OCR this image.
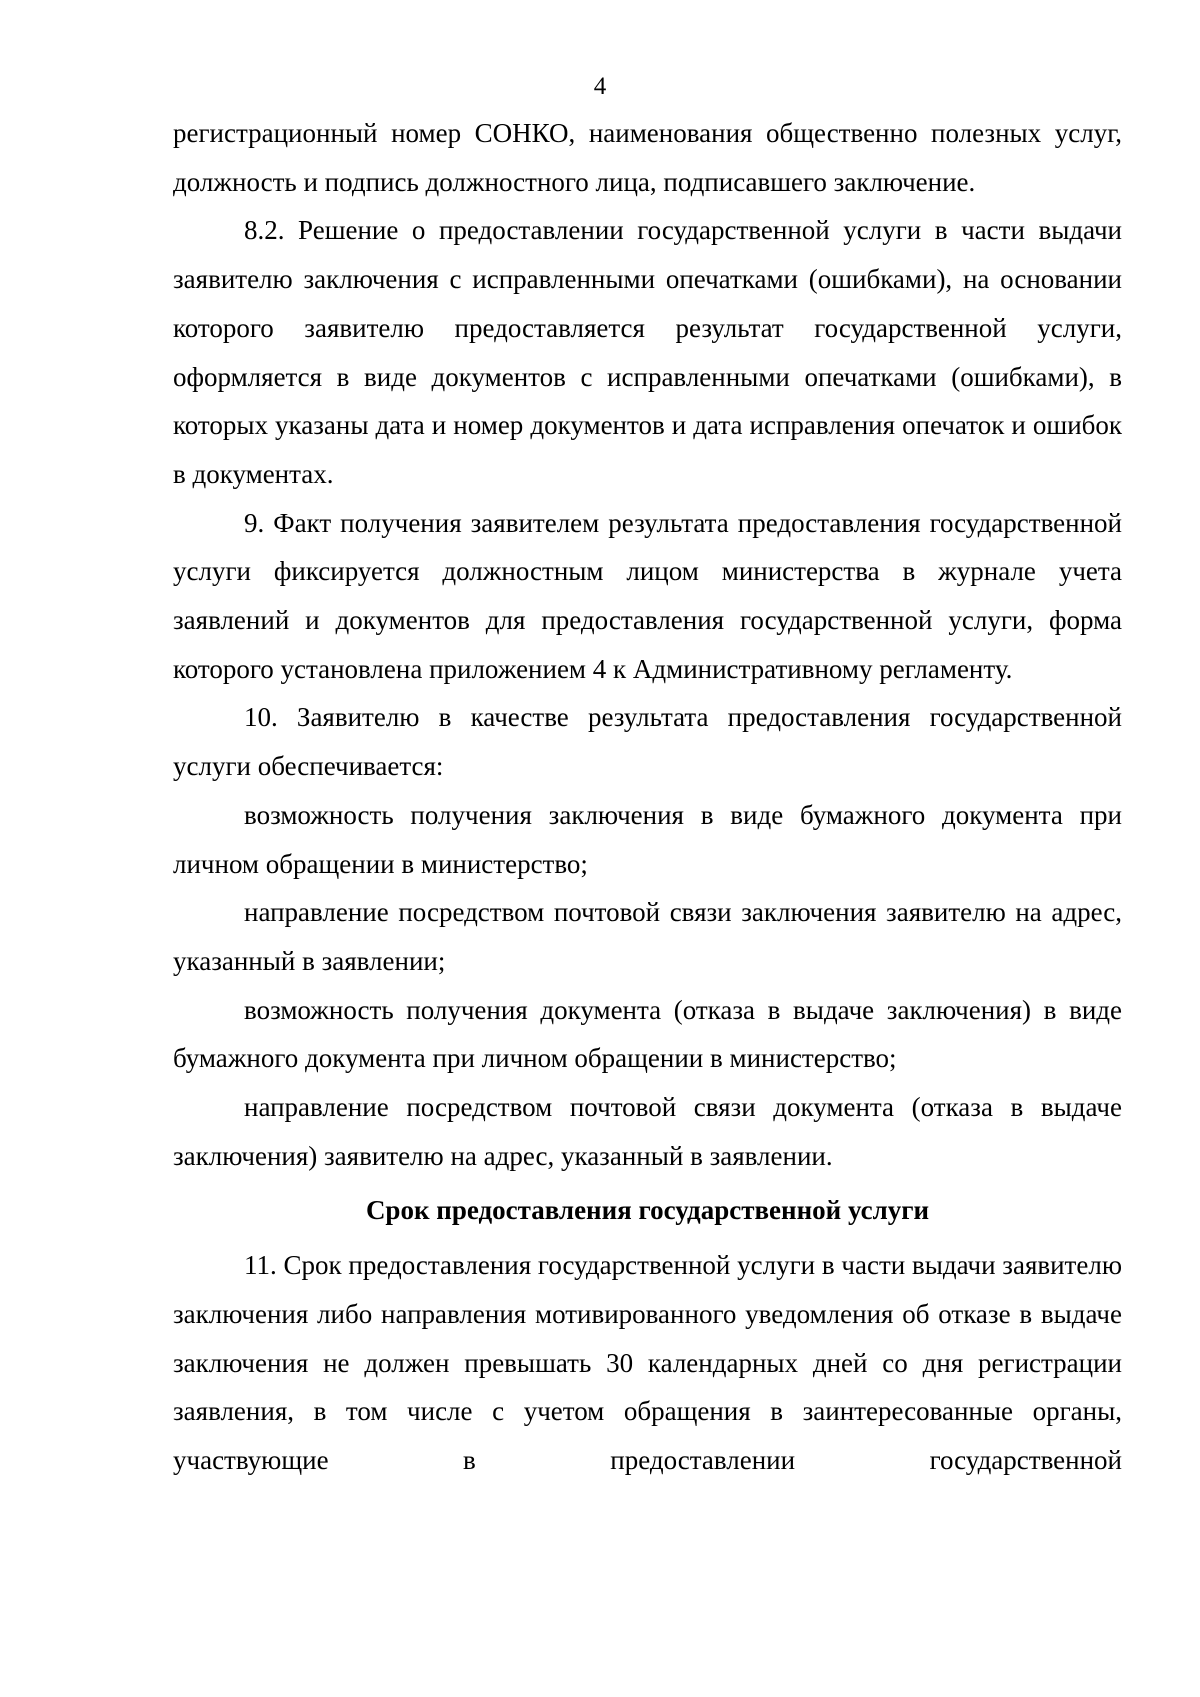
4

регистрационный номер СОНКО, наименования общественно полезных услуг, должность и подпись должностного лица, подписавшего заключение.

8.2. Решение о предоставлении государственной услуги в части выдачи заявителю заключения с исправленными опечатками (ошибками), на основании которого заявителю предоставляется результат государственной услуги, оформляется в виде документов с исправленными опечатками (ошибками), в которых указаны дата и номер документов и дата исправления опечаток и ошибок в документах.

9. Факт получения заявителем результата предоставления государственной услуги фиксируется должностным лицом министерства в журнале учета заявлений и документов для предоставления государственной услуги, форма которого установлена приложением 4 к Административному регламенту.

10. Заявителю в качестве результата предоставления государственной услуги обеспечивается:

возможность получения заключения в виде бумажного документа при личном обращении в министерство;

направление посредством почтовой связи заключения заявителю на адрес, указанный в заявлении;

возможность получения документа (отказа в выдаче заключения) в виде бумажного документа при личном обращении в министерство;

направление посредством почтовой связи документа (отказа в выдаче заключения) заявителю на адрес, указанный в заявлении.

Срок предоставления государственной услуги

11. Срок предоставления государственной услуги в части выдачи заявителю заключения либо направления мотивированного уведомления об отказе в выдаче заключения не должен превышать 30 календарных дней со дня регистрации заявления, в том числе с учетом обращения в заинтересованные органы, участвующие в предоставлении государственной
